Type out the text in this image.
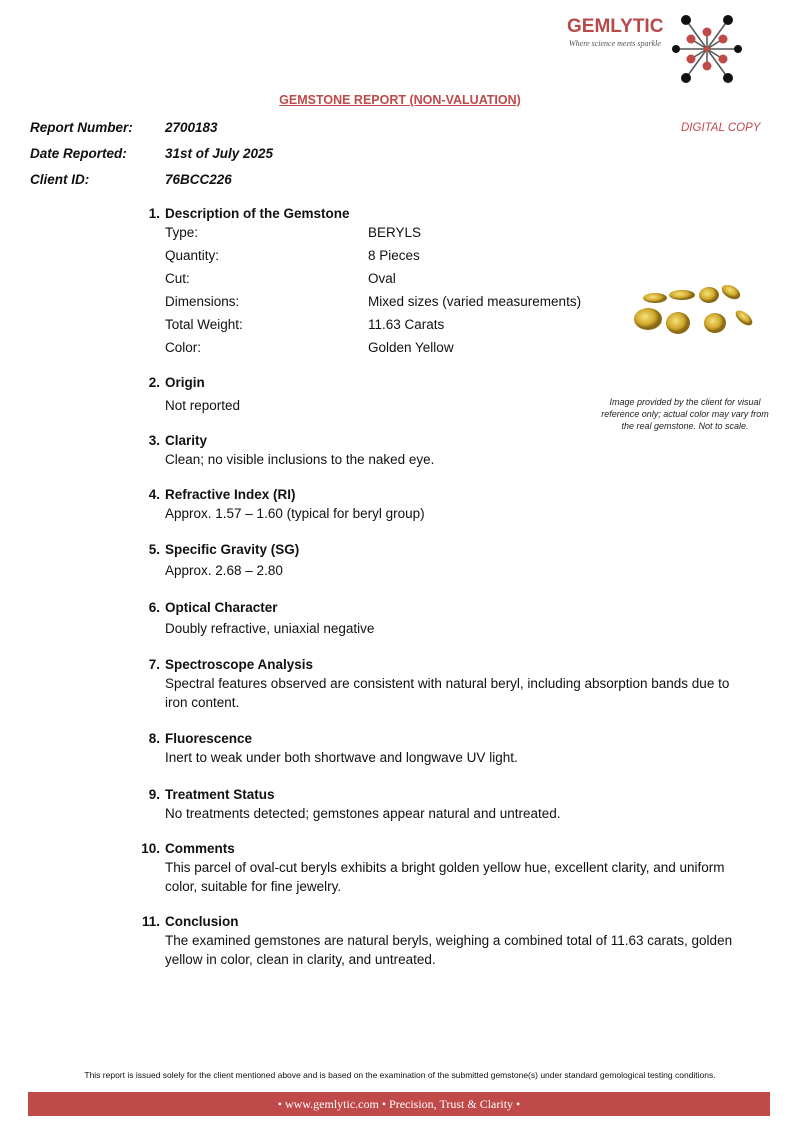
GEMLYTIC
Where science meets sparkle
GEMSTONE REPORT (NON-VALUATION)
DIGITAL COPY
Report Number: 2700183
Date Reported:	31st of July 2025
Client ID:	76BCC226
1. Description of the Gemstone
Type:	BERYLS
Quantity:	8 Pieces
Cut:	Oval
Dimensions:	Mixed sizes (varied measurements)
Total Weight:	11.63 Carats
Color:	Golden Yellow
Image provided by the client for visual reference only; actual color may vary from the real gemstone. Not to scale.
2. Origin
Not reported
3. Clarity
Clean; no visible inclusions to the naked eye.
4. Refractive Index (RI)
Approx. 1.57 – 1.60 (typical for beryl group)
5. Specific Gravity (SG)
Approx. 2.68 – 2.80
6. Optical Character
Doubly refractive, uniaxial negative
7. Spectroscope Analysis
Spectral features observed are consistent with natural beryl, including absorption bands due to iron content.
8. Fluorescence
Inert to weak under both shortwave and longwave UV light.
9. Treatment Status
No treatments detected; gemstones appear natural and untreated.
10. Comments
This parcel of oval-cut beryls exhibits a bright golden yellow hue, excellent clarity, and uniform color, suitable for fine jewelry.
11. Conclusion
The examined gemstones are natural beryls, weighing a combined total of 11.63 carats, golden yellow in color, clean in clarity, and untreated.
This report is issued solely for the client mentioned above and is based on the examination of the submitted gemstone(s) under standard gemological testing conditions.
• www.gemlytic.com • Precision, Trust & Clarity •
